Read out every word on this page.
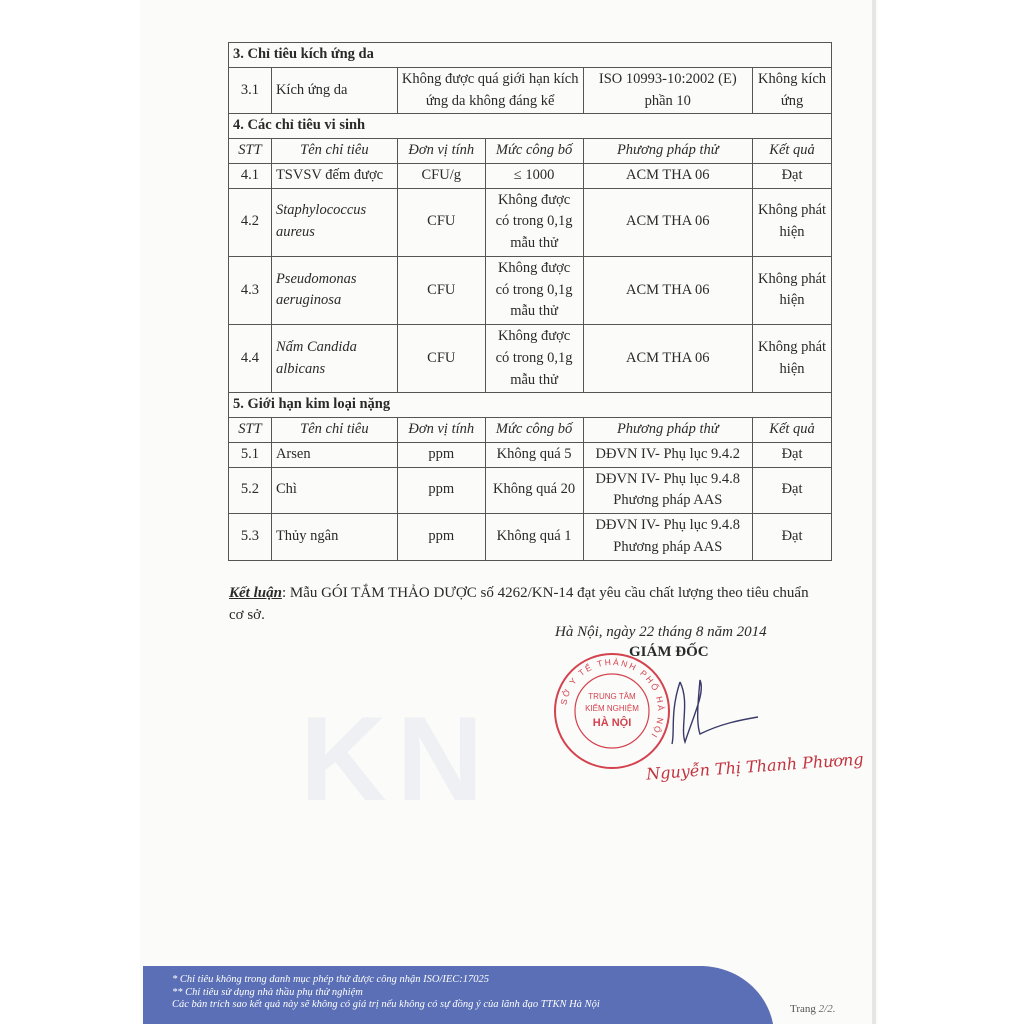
KN
3. Chỉ tiêu kích ứng da					
3.1	Kích ứng da	Không được quá giới hạn kích ứng da không đáng kể		ISO 10993-10:2002 (E) phần 10	Không kích ứng
4. Các chỉ tiêu vi sinh					
STT	Tên chỉ tiêu	Đơn vị tính	Mức công bố	Phương pháp thử	Kết quả
4.1	TSVSV đếm được	CFU/g	≤ 1000	ACM THA 06	Đạt
4.2	Staphylococcus aureus	CFU	Không được có trong 0,1g mẫu thử	ACM THA 06	Không phát hiện
4.3	Pseudomonas aeruginosa	CFU	Không được có trong 0,1g mẫu thử	ACM THA 06	Không phát hiện
4.4	Nấm Candida albicans	CFU	Không được có trong 0,1g mẫu thử	ACM THA 06	Không phát hiện
5. Giới hạn kim loại nặng					
STT	Tên chỉ tiêu	Đơn vị tính	Mức công bố	Phương pháp thử	Kết quả
5.1	Arsen	ppm	Không quá 5	DĐVN IV- Phụ lục 9.4.2	Đạt
5.2	Chì	ppm	Không quá 20	DĐVN IV- Phụ lục 9.4.8 Phương pháp AAS	Đạt
5.3	Thủy ngân	ppm	Không quá 1	DĐVN IV- Phụ lục 9.4.8 Phương pháp AAS	Đạt
Kết luận: Mẫu GÓI TẮM THẢO DƯỢC số 4262/KN-14 đạt yêu cầu chất lượng theo tiêu chuẩn cơ sở.
Hà Nội, ngày 22 tháng 8 năm 2014
GIÁM ĐỐC
SỞ Y TẾ THÀNH PHỐ HÀ NỘI
TRUNG TÂM
KIỂM NGHIỆM
HÀ NỘI
Nguyễn Thị Thanh Phương
* Chỉ tiêu không trong danh mục phép thử được công nhận ISO/IEC:17025
** Chỉ tiêu sử dụng nhà thầu phụ thử nghiệm
Các bản trích sao kết quả này sẽ không có giá trị nếu không có sự đồng ý của lãnh đạo TTKN Hà Nội	Trang 2/2.
